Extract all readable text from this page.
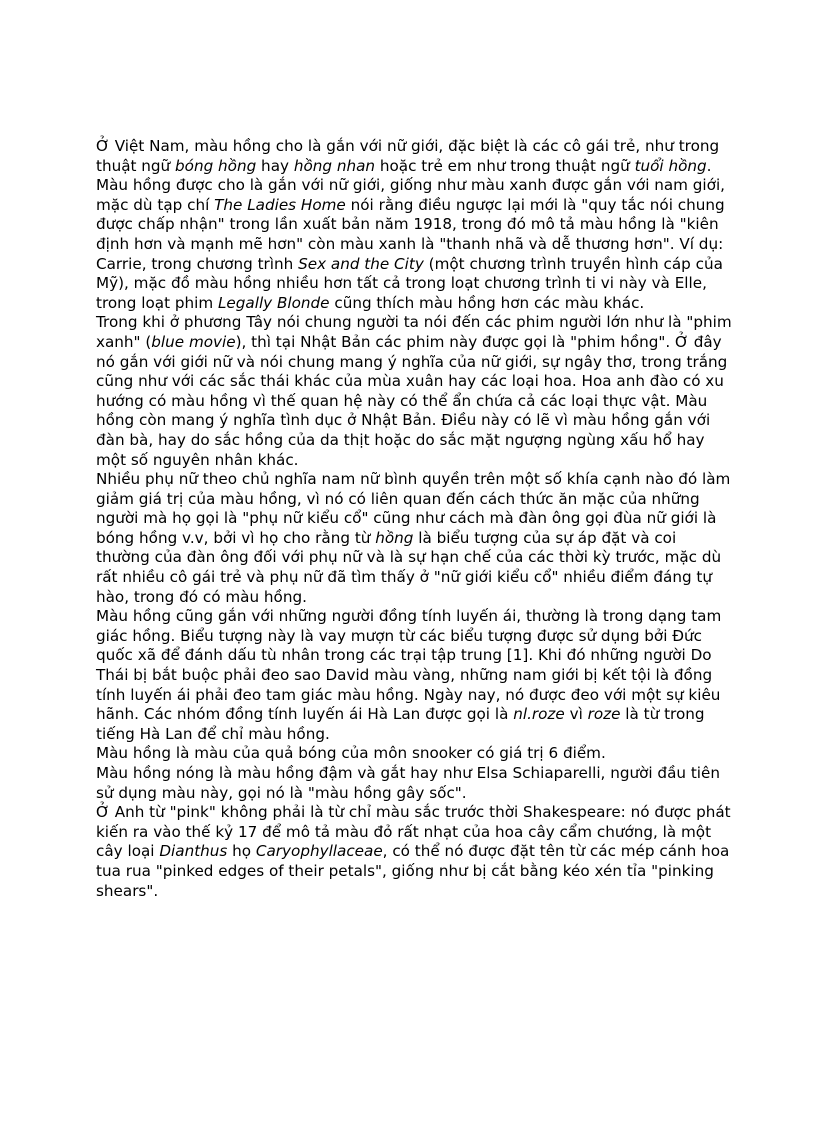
Ở Việt Nam, màu hồng cho là gắn với nữ giới, đặc biệt là các cô gái trẻ, như trong thuật ngữ bóng hồng hay hồng nhan hoặc trẻ em như trong thuật ngữ tuổi hồng.

Màu hồng được cho là gắn với nữ giới, giống như màu xanh được gắn với nam giới, mặc dù tạp chí The Ladies Home nói rằng điều ngược lại mới là "quy tắc nói chung được chấp nhận" trong lần xuất bản năm 1918, trong đó mô tả màu hồng là "kiên định hơn và mạnh mẽ hơn" còn màu xanh là "thanh nhã và dễ thương hơn". Ví dụ: Carrie, trong chương trình Sex and the City (một chương trình truyền hình cáp của Mỹ), mặc đồ màu hồng nhiều hơn tất cả trong loạt chương trình ti vi này và Elle, trong loạt phim Legally Blonde cũng thích màu hồng hơn các màu khác.

Trong khi ở phương Tây nói chung người ta nói đến các phim người lớn như là "phim xanh" (blue movie), thì tại Nhật Bản các phim này được gọi là "phim hồng". Ở đây nó gắn với giới nữ và nói chung mang ý nghĩa của nữ giới, sự ngây thơ, trong trắng cũng như với các sắc thái khác của mùa xuân hay các loại hoa. Hoa anh đào có xu hướng có màu hồng vì thế quan hệ này có thể ẩn chứa cả các loại thực vật. Màu hồng còn mang ý nghĩa tình dục ở Nhật Bản. Điều này có lẽ vì màu hồng gắn với đàn bà, hay do sắc hồng của da thịt hoặc do sắc mặt ngượng ngùng xấu hổ hay một số nguyên nhân khác.

Nhiều phụ nữ theo chủ nghĩa nam nữ bình quyền trên một số khía cạnh nào đó làm giảm giá trị của màu hồng, vì nó có liên quan đến cách thức ăn mặc của những người mà họ gọi là "phụ nữ kiểu cổ" cũng như cách mà đàn ông gọi đùa nữ giới là bóng hồng v.v, bởi vì họ cho rằng từ hồng là biểu tượng của sự áp đặt và coi thường của đàn ông đối với phụ nữ và là sự hạn chế của các thời kỳ trước, mặc dù rất nhiều cô gái trẻ và phụ nữ đã tìm thấy ở "nữ giới kiểu cổ" nhiều điểm đáng tự hào, trong đó có màu hồng.

Màu hồng cũng gắn với những người đồng tính luyến ái, thường là trong dạng tam giác hồng. Biểu tượng này là vay mượn từ các biểu tượng được sử dụng bởi Đức quốc xã để đánh dấu tù nhân trong các trại tập trung [1]. Khi đó những người Do Thái bị bắt buộc phải đeo sao David màu vàng, những nam giới bị kết tội là đồng tính luyến ái phải đeo tam giác màu hồng. Ngày nay, nó được đeo với một sự kiêu hãnh. Các nhóm đồng tính luyến ái Hà Lan được gọi là nl.roze vì roze là từ trong tiếng Hà Lan để chỉ màu hồng.

Màu hồng là màu của quả bóng của môn snooker có giá trị 6 điểm.

Màu hồng nóng là màu hồng đậm và gắt hay như Elsa Schiaparelli, người đầu tiên sử dụng màu này, gọi nó là "màu hồng gây sốc".

Ở Anh từ "pink" không phải là từ chỉ màu sắc trước thời Shakespeare: nó được phát kiến ra vào thế kỷ 17 để mô tả màu đỏ rất nhạt của hoa cây cẩm chướng, là một cây loại Dianthus họ Caryophyllaceae, có thể nó được đặt tên từ các mép cánh hoa tua rua "pinked edges of their petals", giống như bị cắt bằng kéo xén tỉa "pinking shears".
